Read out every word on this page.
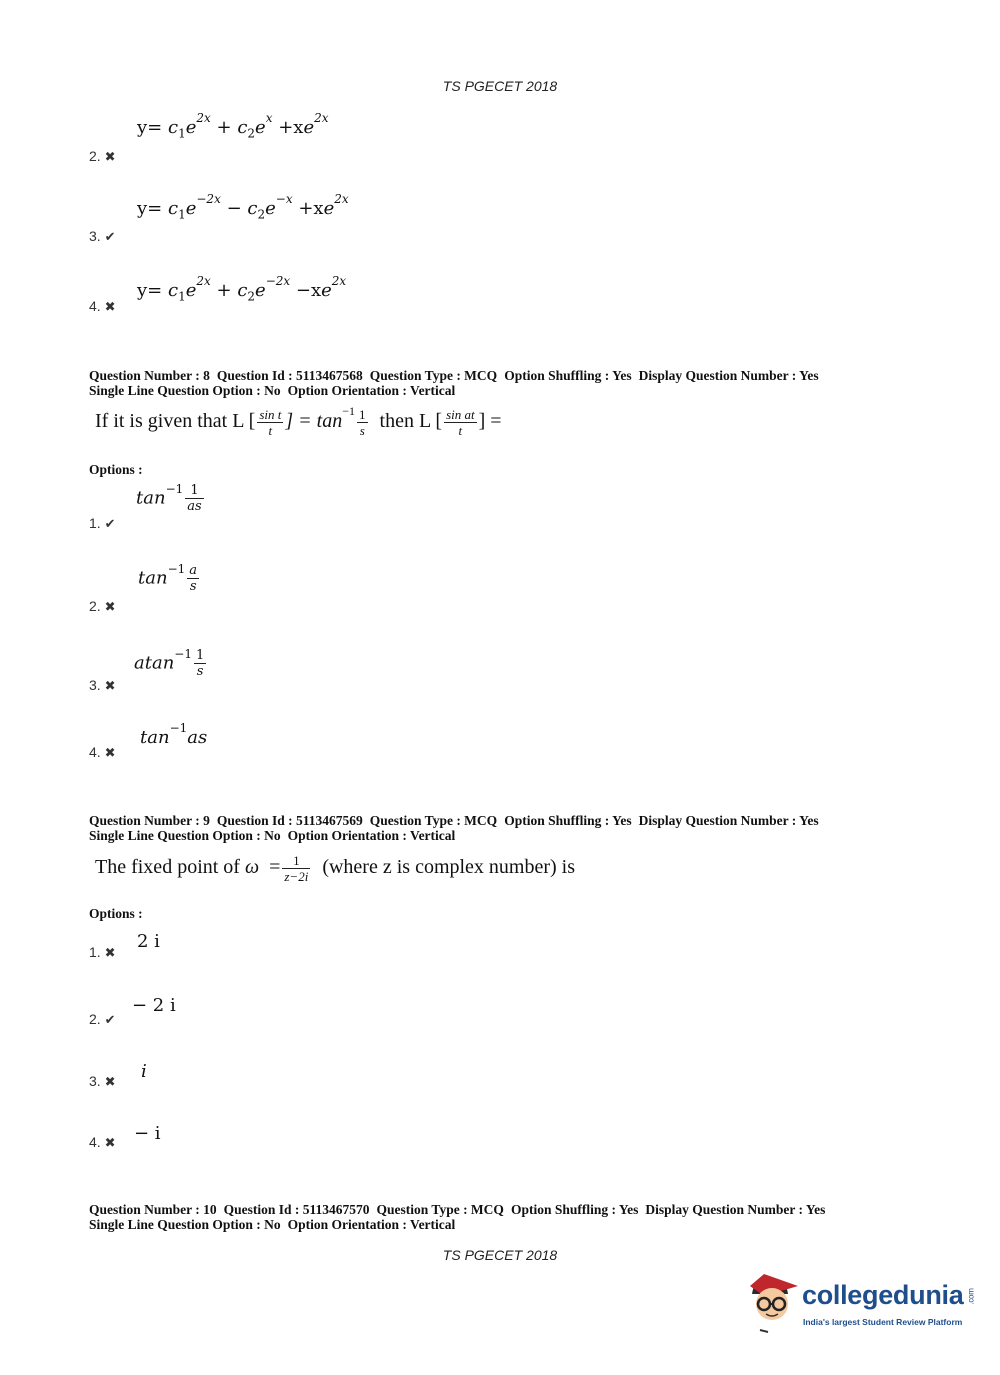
TS PGECET 2018
$y= c_1e^{2x} + c_2e^x +xe^{2x}$
2. ✖
$y= c_1e^{-2x} - c_2e^{-x} +xe^{2x}$
3. ✔
$y= c_1e^{2x} + c_2e^{-2x} -xe^{2x}$
4. ✖
Question Number : 8 Question Id : 5113467568 Question Type : MCQ Option Shuffling : Yes Display Question Number : Yes
Single Line Question Option : No Option Orientation : Vertical
If it is given that L [ $\frac{\text{sin t}}{t}$ ] = $\tan^{-1} \frac{1}{s}$ then L [ $\frac{\text{sin at}}{t}$ ] =
Options :
$\tan^{-1} \frac{1}{as}$
1. ✔
$\tan^{-1} \frac{a}{s}$
2. ✖
$atan^{-1} \frac{1}{s}$
3. ✖
$\tan^{-1}as$
4. ✖
Question Number : 9 Question Id : 5113467569 Question Type : MCQ Option Shuffling : Yes Display Question Number : Yes
Single Line Question Option : No Option Orientation : Vertical
The fixed point of $\omega = \frac{1}{z-2i}$ (where z is complex number) is
Options :
2 i
1. ✖
− 2 i
2. ✔
i
3. ✖
− i
4. ✖
Question Number : 10 Question Id : 5113467570 Question Type : MCQ Option Shuffling : Yes Display Question Number : Yes
Single Line Question Option : No Option Orientation : Vertical
TS PGECET 2018
collegedunia .com
India's largest Student Review Platform
